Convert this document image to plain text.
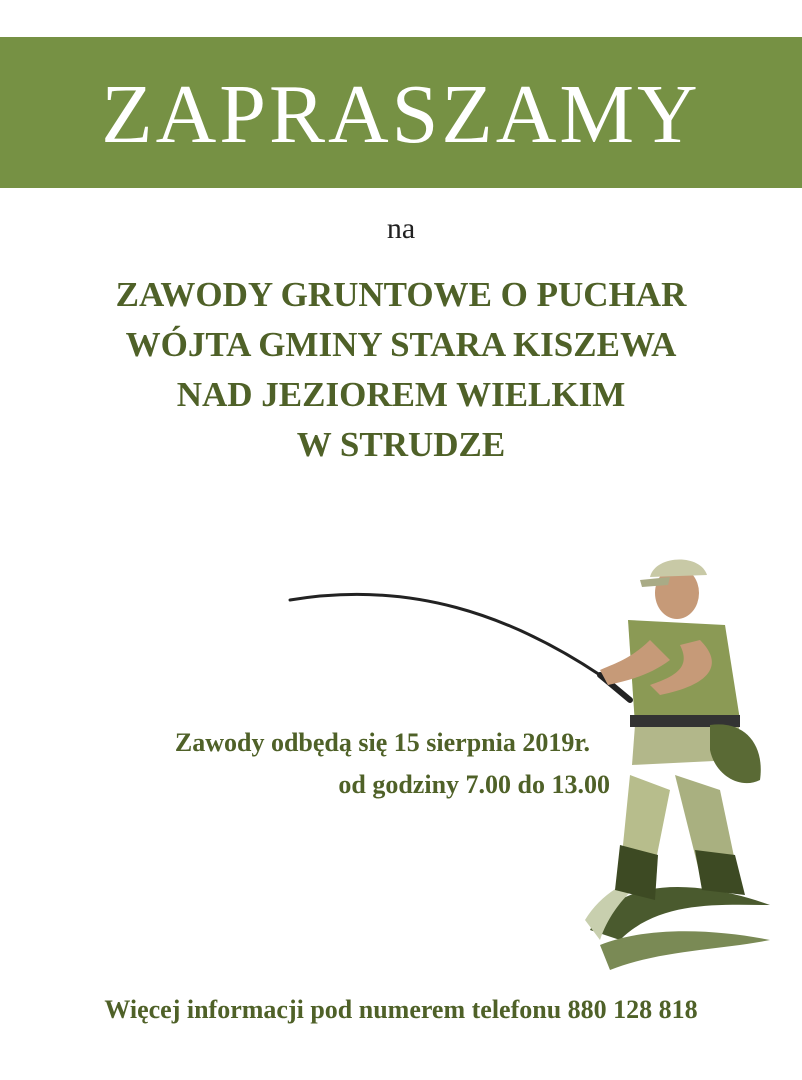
ZAPRASZAMY
na
ZAWODY GRUNTOWE O PUCHAR
WÓJTA GMINY STARA KISZEWA
NAD JEZIOREM WIELKIM
W STRUDZE
Zawody odbędą się 15 sierpnia 2019r.
od godziny 7.00 do 13.00
Więcej informacji pod numerem telefonu 880 128 818
